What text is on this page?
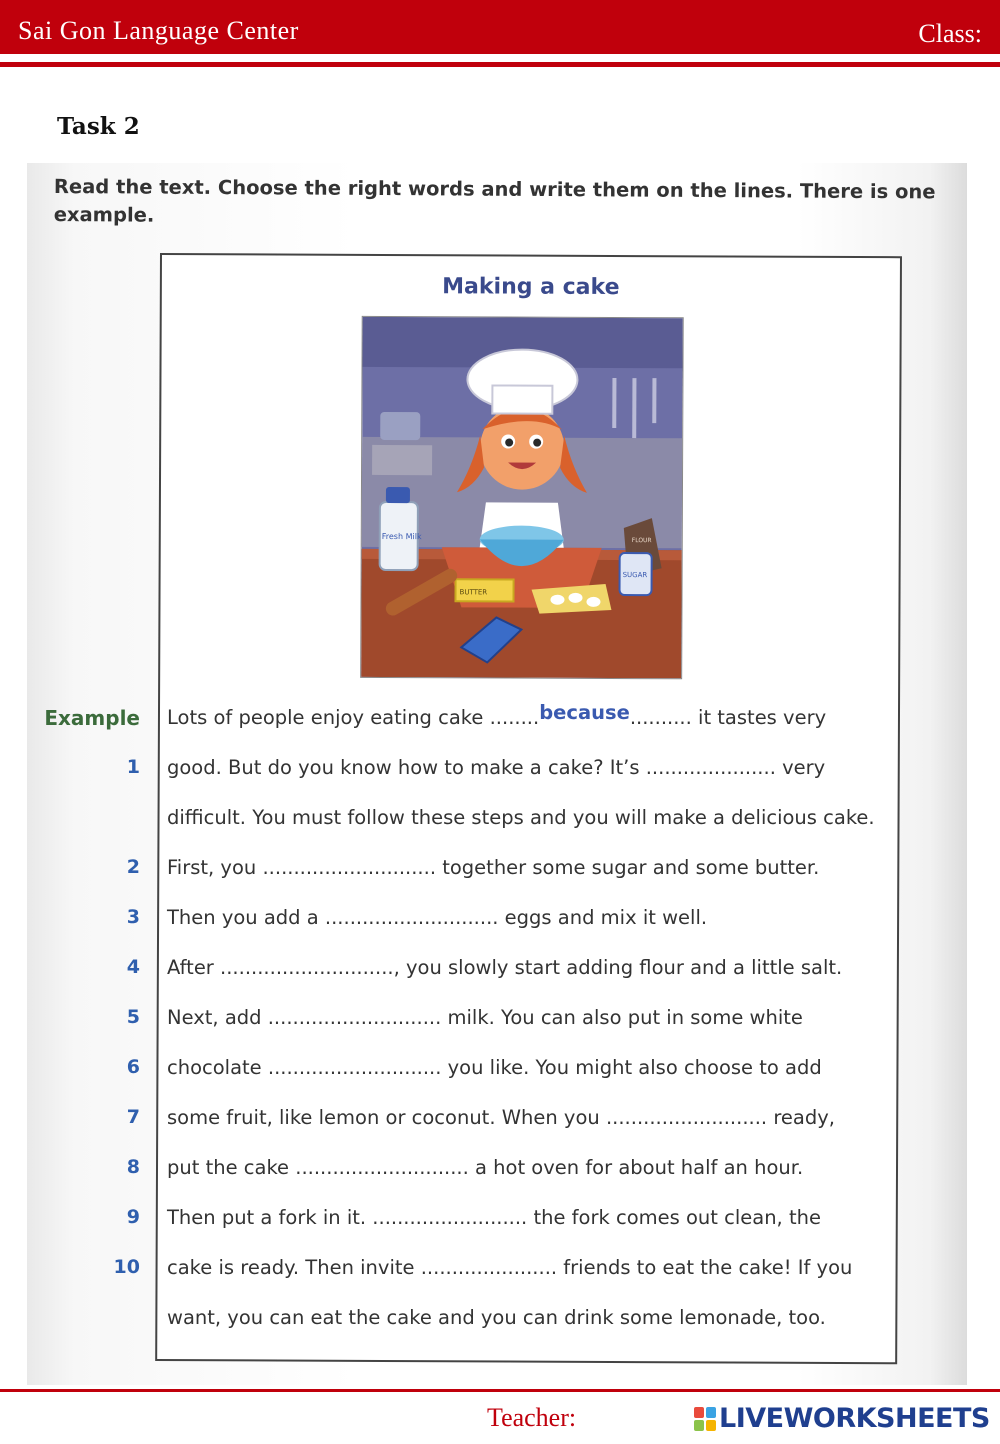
Sai Gon Language Center	Class:
Task 2
Read the text. Choose the right words and write them on the lines. There is one example.
Making a cake
Fresh Milk
BUTTER
SUGAR
FLOUR
Example Lots of people enjoy eating cake ........because.......... it tastes very
1 good. But do you know how to make a cake? It’s ..................... very
difficult. You must follow these steps and you will make a delicious cake.
2 First, you ............................ together some sugar and some butter.
3 Then you add a ............................ eggs and mix it well.
4 After ............................, you slowly start adding flour and a little salt.
5 Next, add ............................ milk. You can also put in some white
6 chocolate ............................ you like. You might also choose to add
7 some fruit, like lemon or coconut. When you .......................... ready,
8 put the cake ............................ a hot oven for about half an hour.
9 Then put a fork in it. ......................... the fork comes out clean, the
10 cake is ready. Then invite ...................... friends to eat the cake! If you
want, you can eat the cake and you can drink some lemonade, too.
Teacher:	LIVEWORKSHEETS
